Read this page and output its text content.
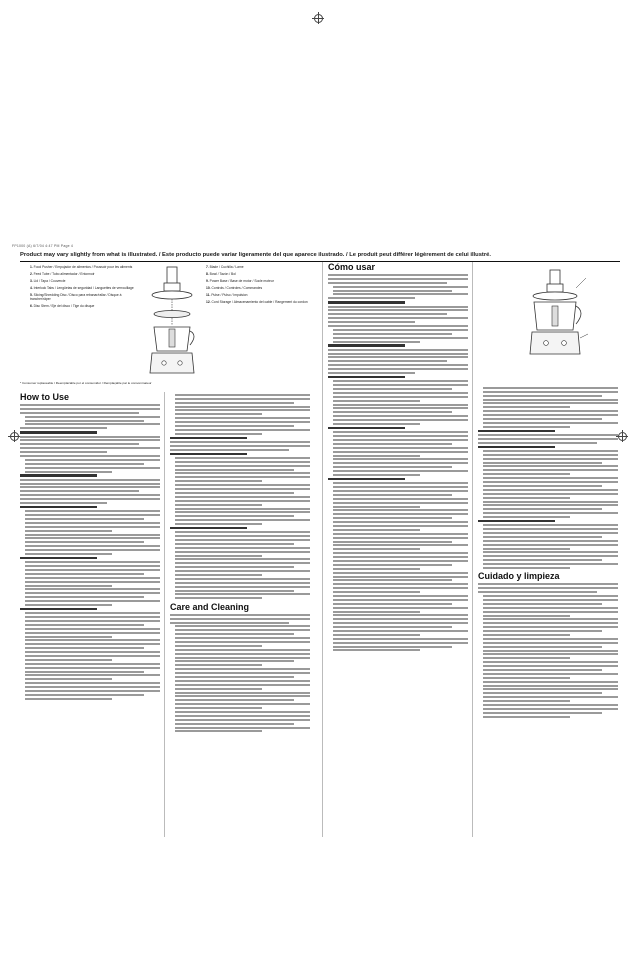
FP1000 (A) 6/7/04 4:47 PM Page 4
Product may vary slightly from what is illustrated. / Este producto puede variar ligeramente del que aparece ilustrado. / Le produit peut différer légèrement de celui illustré.
1. Food Pusher / Empujador de alimentos / Poussoir pour les aliments
2. Feed Tube / Tubo alimentador / Entonnoir
3. Lid / Tapa / Couvercle
4. Interlock Tabs / Lengüetas de seguridad / Languettes de verrouillage
5. Slicing/Shredding Disc / Disco para rebanar/rallar / Disque à trancher/râper
6. Disc Stem / Eje del disco / Tige du disque
7. Blade / Cuchilla / Lame
8. Bowl / Tazón / Bol
9. Power Base / Base de motor / Socle moteur
10. Controls / Controles / Commandes
11. Pulse / Pulso / Impulsion
12. Cord Storage / Almacenamiento del cable / Rangement du cordon
* Consumer replaceable / Reemplazable por el consumidor / Remplaçable par le consommateur
How to Use
Care and Cleaning
Cómo usar
Cuidado y limpieza
